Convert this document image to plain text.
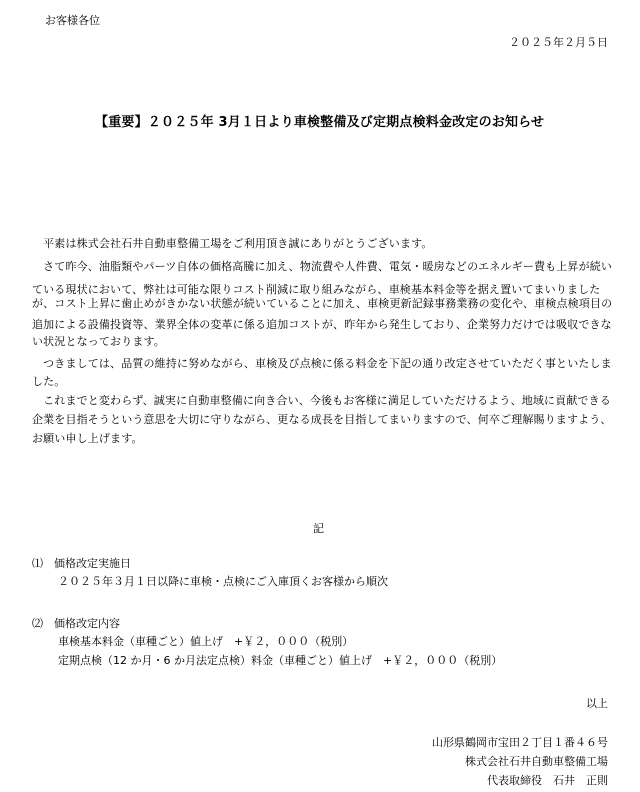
お客様各位
２０２５年２月５日
【重要】２０２５年 3月１日より車検整備及び定期点検料金改定のお知らせ
　平素は株式会社石井自動車整備工場をご利用頂き誠にありがとうございます。
　さて昨今、油脂類やパーツ自体の価格高騰に加え、物流費や人件費、電気・暖房などのエネルギー費も上昇が続い
ている現状において、弊社は可能な限りコスト削減に取り組みながら、車検基本料金等を据え置いてまいりました
が、コスト上昇に歯止めがきかない状態が続いていることに加え、車検更新記録事務業務の変化や、車検点検項目の
追加による設備投資等、業界全体の変革に係る追加コストが、昨年から発生しており、企業努力だけでは吸収できな
い状況となっております。
　つきましては、品質の維持に努めながら、車検及び点検に係る料金を下記の通り改定させていただく事といたしま
した。
　これまでと変わらず、誠実に自動車整備に向き合い、今後もお客様に満足していただけるよう、地域に貢献できる
企業を目指そうという意思を大切に守りながら、更なる成長を目指してまいりますので、何卒ご理解賜りますよう、
お願い申し上げます。
記
⑴　価格改定実施日
２０２５年３月１日以降に車検・点検にご入庫頂くお客様から順次
⑵　価格改定内容
車検基本料金（車種ごと）値上げ　+￥２，０００（税別）
定期点検（12 か月・6 か月法定点検）料金（車種ごと）値上げ　+￥２，０００（税別）
以上
山形県鶴岡市宝田２丁目１番４６号
株式会社石井自動車整備工場
代表取締役　石井　正則
